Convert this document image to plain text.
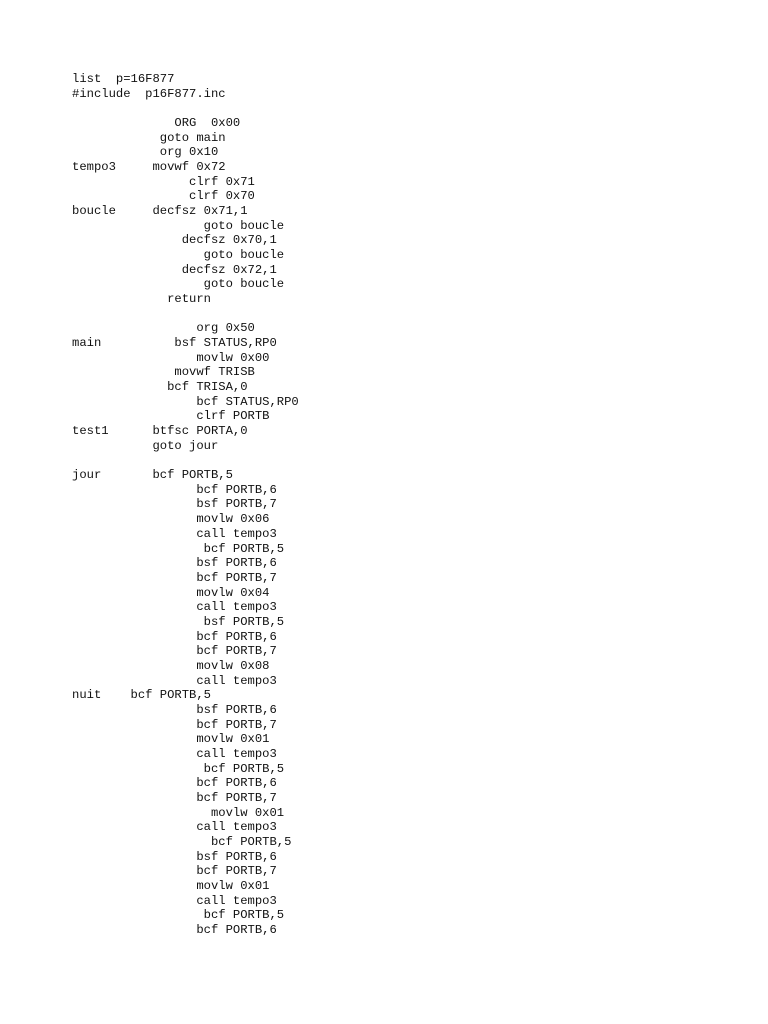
list  p=16F877
#include  p16F877.inc
ORG  0x00
goto main
org 0x10
tempo3     movwf 0x72
clrf 0x71
clrf 0x70
boucle     decfsz 0x71,1
goto boucle
decfsz 0x70,1
goto boucle
decfsz 0x72,1
goto boucle
return
org 0x50
main          bsf STATUS,RP0
movlw 0x00
movwf TRISB
bcf TRISA,0
bcf STATUS,RP0
clrf PORTB
test1      btfsc PORTA,0
goto jour
jour       bcf PORTB,5
bcf PORTB,6
bsf PORTB,7
movlw 0x06
call tempo3
bcf PORTB,5
bsf PORTB,6
bcf PORTB,7
movlw 0x04
call tempo3
bsf PORTB,5
bcf PORTB,6
bcf PORTB,7
movlw 0x08
call tempo3
nuit    bcf PORTB,5
bsf PORTB,6
bcf PORTB,7
movlw 0x01
call tempo3
bcf PORTB,5
bcf PORTB,6
bcf PORTB,7
movlw 0x01
call tempo3
bcf PORTB,5
bsf PORTB,6
bcf PORTB,7
movlw 0x01
call tempo3
bcf PORTB,5
bcf PORTB,6
